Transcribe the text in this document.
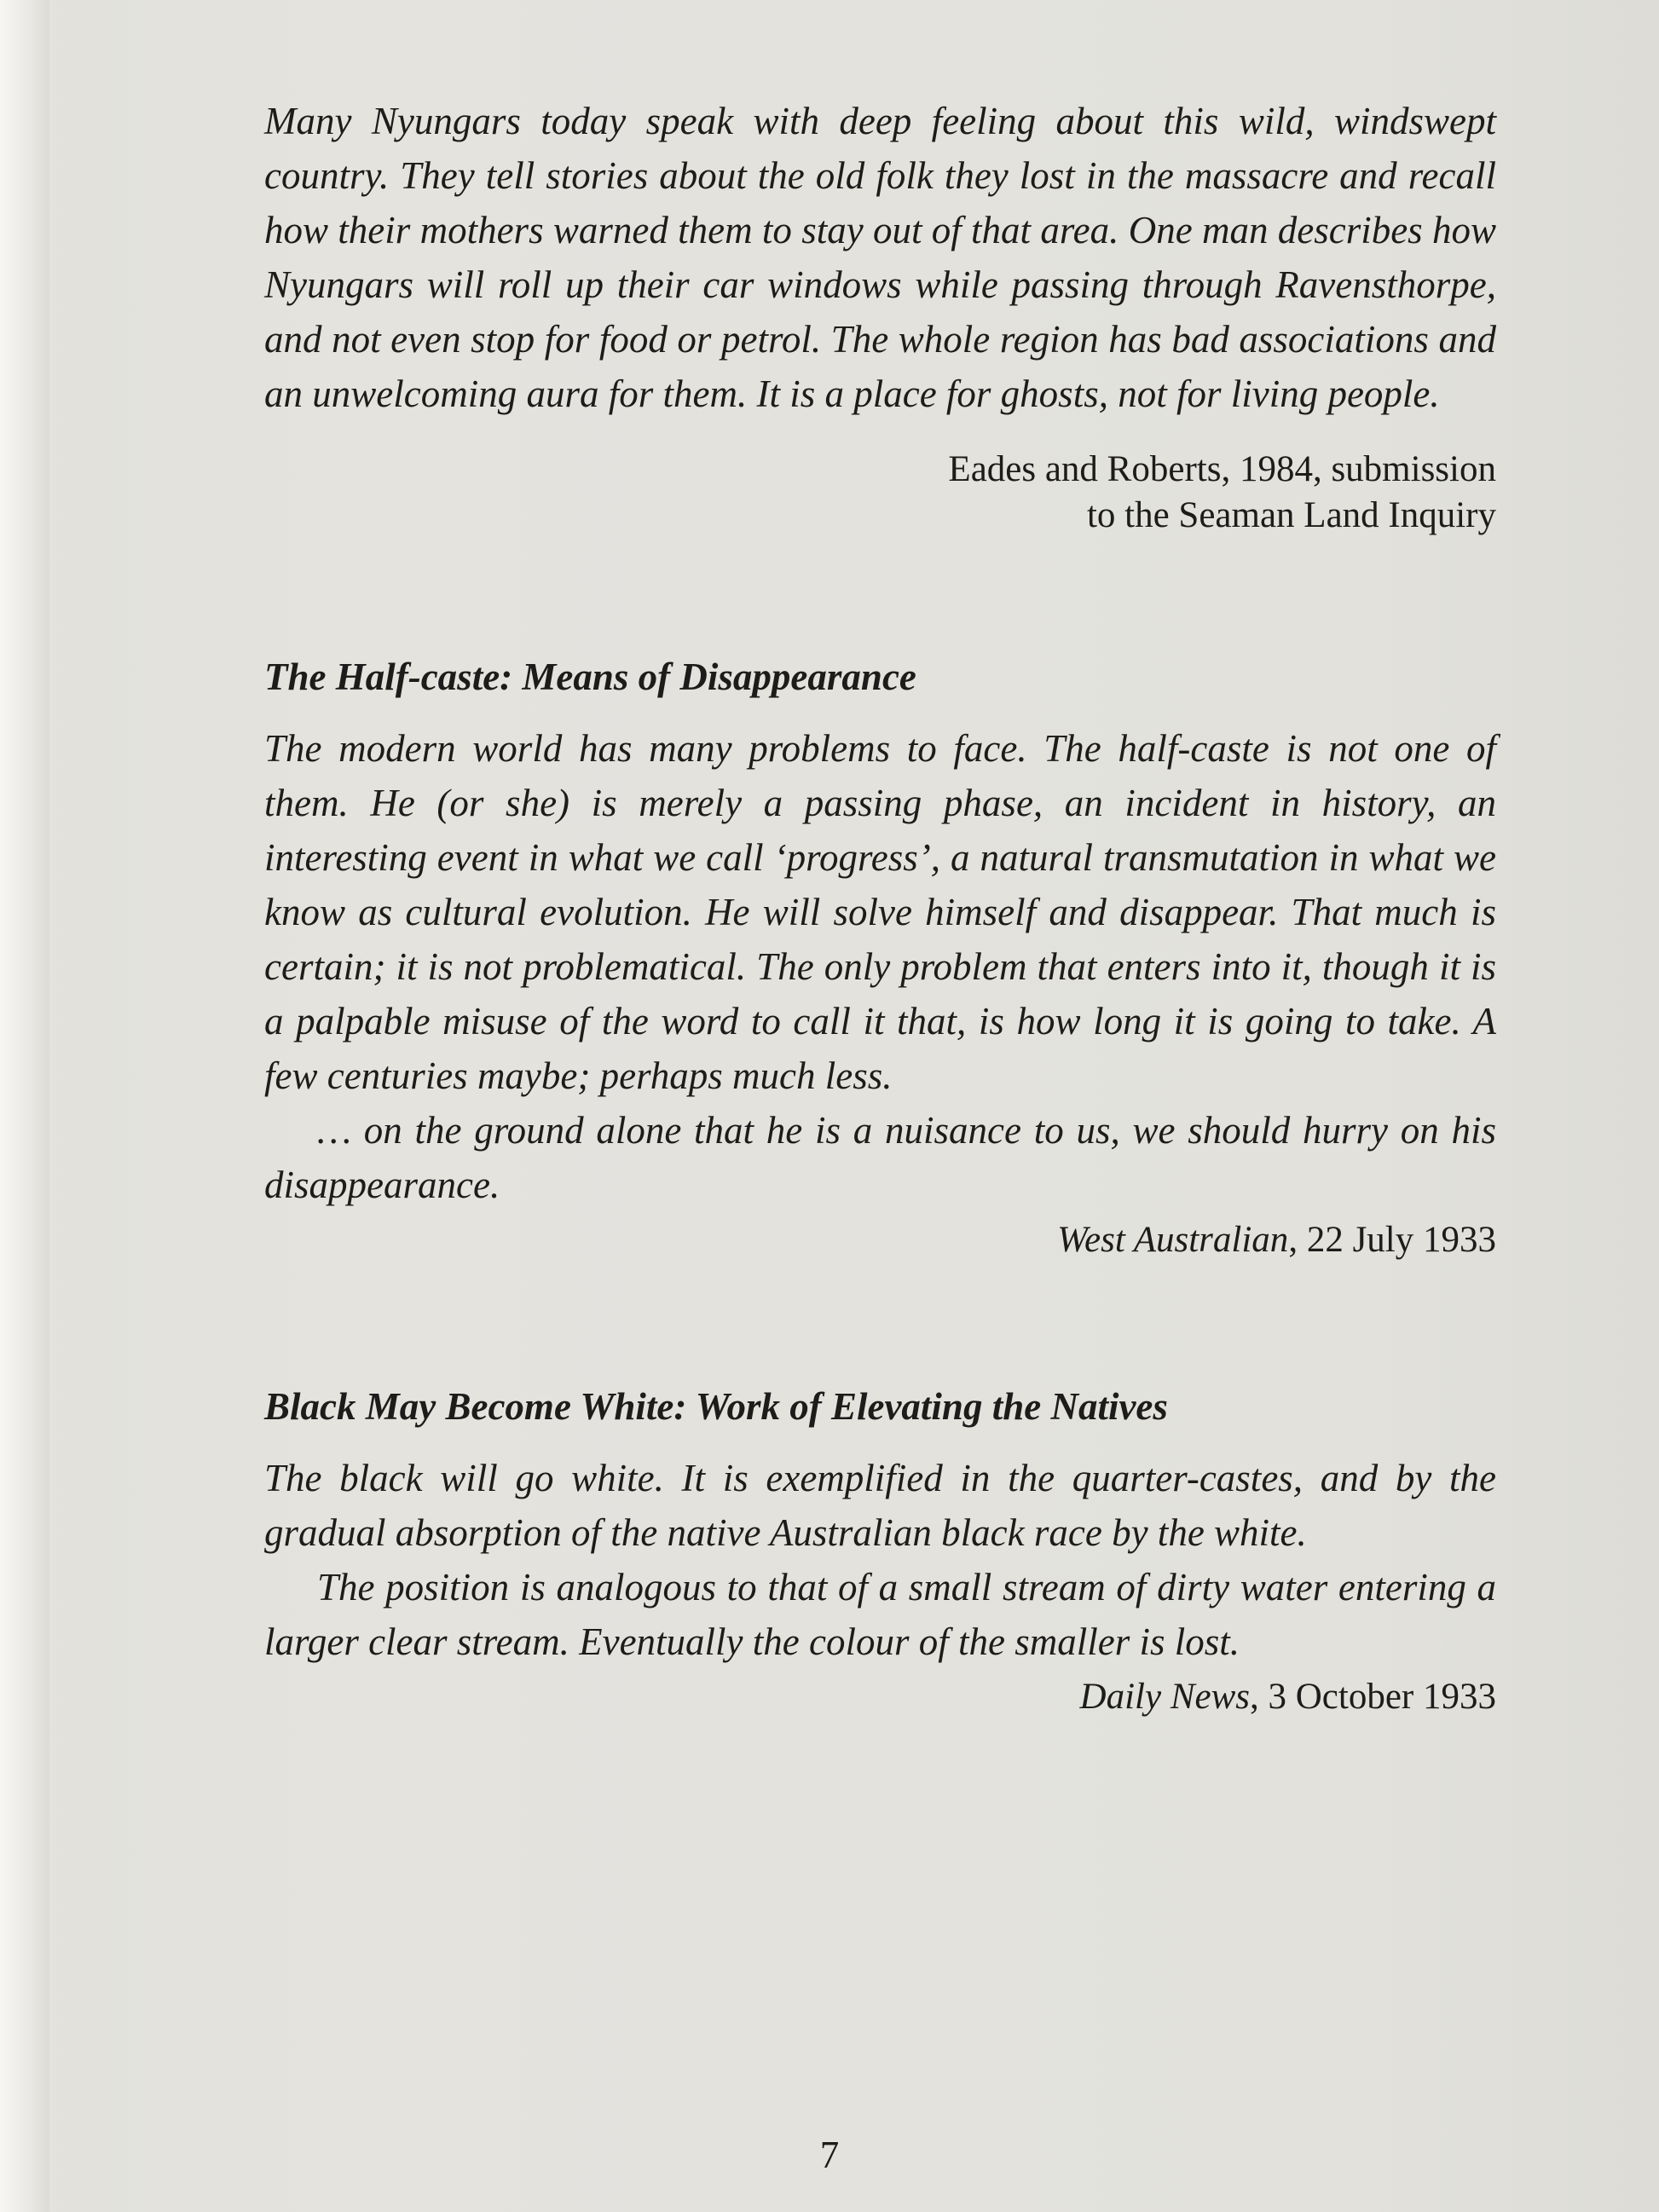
Many Nyungars today speak with deep feeling about this wild, windswept country. They tell stories about the old folk they lost in the massacre and recall how their mothers warned them to stay out of that area. One man describes how Nyungars will roll up their car windows while passing through Ravensthorpe, and not even stop for food or petrol. The whole region has bad associations and an unwelcoming aura for them. It is a place for ghosts, not for living people.

Eades and Roberts, 1984, submission
to the Seaman Land Inquiry
The Half-caste: Means of Disappearance

The modern world has many problems to face. The half-caste is not one of them. He (or she) is merely a passing phase, an incident in history, an interesting event in what we call ‘progress’, a natural transmutation in what we know as cultural evolution. He will solve himself and disappear. That much is certain; it is not problematical. The only problem that enters into it, though it is a palpable misuse of the word to call it that, is how long it is going to take. A few centuries maybe; perhaps much less.

… on the ground alone that he is a nuisance to us, we should hurry on his disappearance.

West Australian, 22 July 1933
Black May Become White: Work of Elevating the Natives

The black will go white. It is exemplified in the quarter-castes, and by the gradual absorption of the native Australian black race by the white.

The position is analogous to that of a small stream of dirty water entering a larger clear stream. Eventually the colour of the smaller is lost.

Daily News, 3 October 1933
7
